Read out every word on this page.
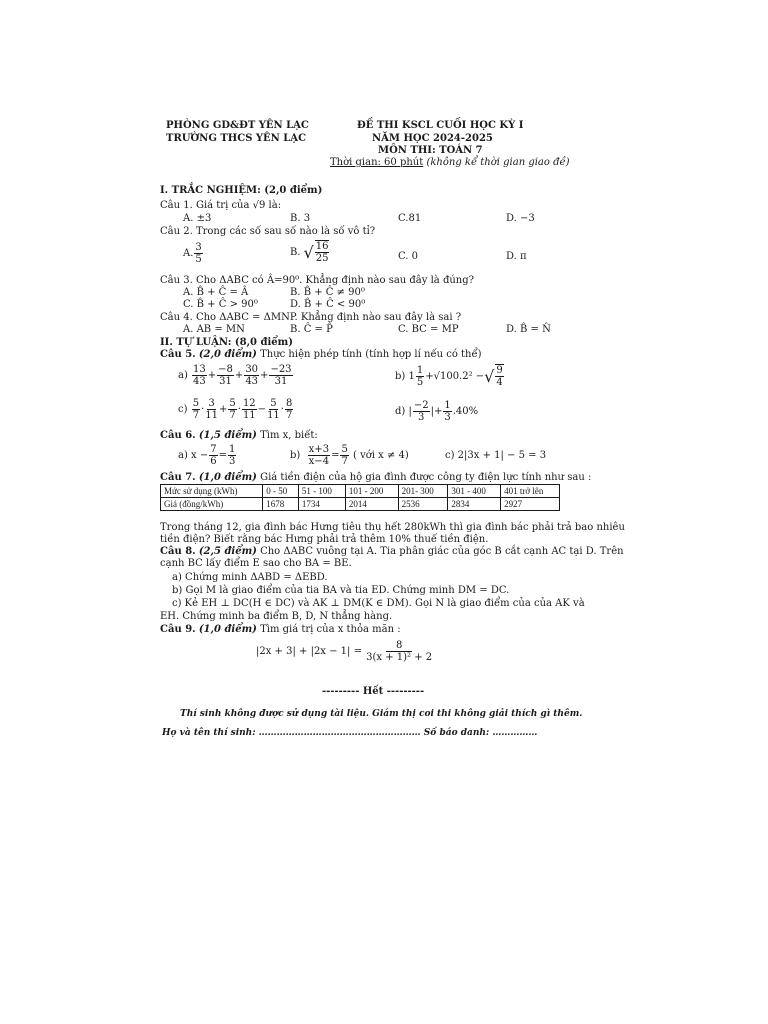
PHÒNG GD&ĐT YÊN LẠC
TRƯỜNG THCS YÊN LẠC
ĐỀ THI KSCL CUỐI HỌC KỲ I
NĂM HỌC 2024-2025
MÔN THI: TOÁN 7
Thời gian: 60 phút (không kể thời gian giao đề)
I. TRẮC NGHIỆM: (2,0 điểm)
Câu 1. Giá trị của √9 là:
A. ±3	B. 3	C.81	D. −3
Câu 2. Trong các số sau số nào là số vô tỉ?
A. $\frac{3}{5}$	B. √ $\frac{16}{25}$	C. 0	D. π
Câu 3. Cho ΔABC có Â=90⁰. Khẳng định nào sau đây là đúng?
A. B̂ + Ĉ = Â	B. B̂ + Ĉ ≠ 90⁰
C. B̂ + Ĉ > 90⁰	D. B̂ + Ĉ < 90⁰
Câu 4. Cho ΔABC = ΔMNP. Khẳng định nào sau đây là sai ?
A. AB = MN	B. Ĉ = P̂	C. BC = MP	D. B̂ = N̂
II. TỰ LUẬN: (8,0 điểm)
Câu 5. (2,0 điểm) Thực hiện phép tính (tính hợp lí nếu có thể)
$a) \frac{13}{43} + \frac{-8}{31} + \frac{30}{43} + \frac{-23}{31}$	b) $1 \frac{1}{5} +√100.2^2$ − √ $\frac{9}{4}$
$c) \frac{5}{7} \cdot \frac{3}{11} + \frac{5}{7} \cdot \frac{12}{11} - \frac{5}{11} \cdot \frac{8}{7}$	d) | $\frac{-2}{3}$ |+ $\frac{1}{3} .40\%$
Câu 6. (1,5 điểm) Tìm x, biết:
a) $x - \frac{7}{6} = \frac{1}{3}$	$b) \frac{x+3}{x-4} = \frac{5}{7}$ ( với x ≠ 4)	c) 2|3x + 1| − 5 = 3
Câu 7. (1,0 điểm) Giá tiền điện của hộ gia đình được công ty điện lực tính như sau :
Mức sử dụng (kWh)	0 - 50	51 - 100	101 - 200	201- 300	301 - 400	401 trở lên
Giá (đồng/kWh)	1678	1734	2014	2536	2834	2927
Trong tháng 12, gia đình bác Hưng tiêu thụ hết 280kWh thì gia đình bác phải trả bao nhiêu
tiền điện? Biết rằng bác Hưng phải trả thêm 10% thuế tiền điện.
Câu 8. (2,5 điểm) Cho ΔABC vuông tại A. Tia phân giác của góc B cắt cạnh AC tại D. Trên
cạnh BC lấy điểm E sao cho BA = BE.
a) Chứng minh ΔABD = ΔEBD.
b) Gọi M là giao điểm của tia BA và tia ED. Chứng minh DM = DC.
c) Kẻ EH ⊥ DC(H ∈ DC) và AK ⊥ DM(K ∈ DM). Gọi N là giao điểm của của AK và
EH. Chứng minh ba điểm B, D, N thẳng hàng.
Câu 9. (1,0 điểm) Tìm giá trị của x thỏa mãn :
$|2x + 3| + |2x - 1| = \frac{8}{\text{3(x + 1)² + 2}}$
--------- Hết ---------
Thí sinh không được sử dụng tài liệu. Giám thị coi thi không giải thích gì thêm.
Họ và tên thí sinh: ……………………………………………… Số báo danh: ……………
